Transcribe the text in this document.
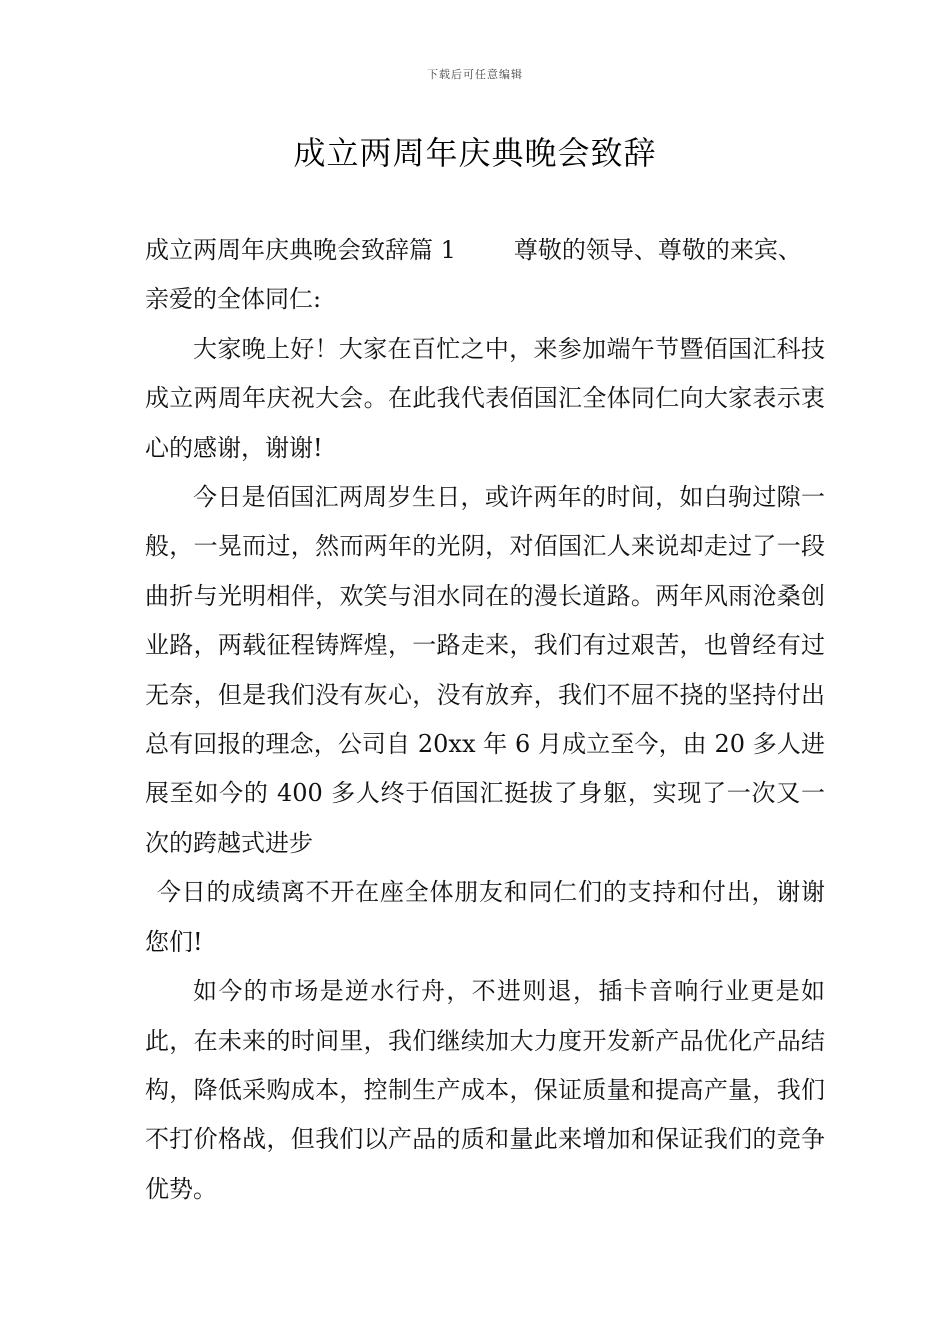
下载后可任意编辑
成立两周年庆典晚会致辞

成立两周年庆典晚会致辞篇 1 尊敬的领导、尊敬的来宾、

亲爱的全体同仁:

大家晚上好！大家在百忙之中，来参加端午节暨佰国汇科技成立两周年庆祝大会。在此我代表佰国汇全体同仁向大家表示衷心的感谢，谢谢!

今日是佰国汇两周岁生日，或许两年的时间，如白驹过隙一般，一晃而过，然而两年的光阴，对佰国汇人来说却走过了一段曲折与光明相伴，欢笑与泪水同在的漫长道路。两年风雨沧桑创业路，两载征程铸辉煌，一路走来，我们有过艰苦，也曾经有过无奈，但是我们没有灰心，没有放弃，我们不屈不挠的坚持付出总有回报的理念，公司自 20xx 年 6 月成立至今，由 20 多人进展至如今的 400 多人终于佰国汇挺拔了身躯，实现了一次又一次的跨越式进步

今日的成绩离不开在座全体朋友和同仁们的支持和付出，谢谢您们!

如今的市场是逆水行舟，不进则退，插卡音响行业更是如此，在未来的时间里，我们继续加大力度开发新产品优化产品结构，降低采购成本，控制生产成本，保证质量和提高产量，我们不打价格战，但我们以产品的质和量此来增加和保证我们的竞争优势。
